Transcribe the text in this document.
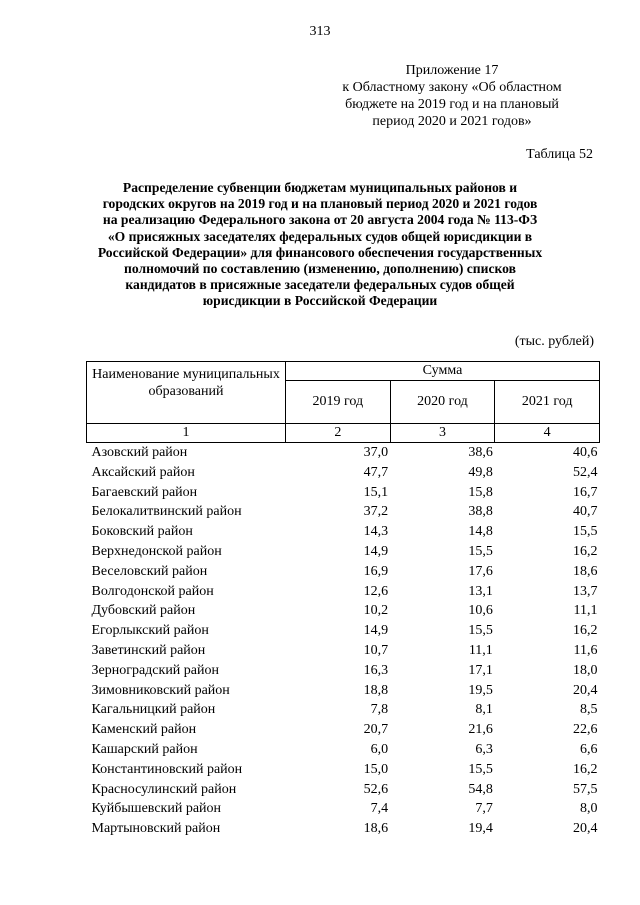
313
Приложение 17
к Областному закону «Об областном
бюджете на 2019 год и на плановый
период 2020 и 2021 годов»
Таблица 52
Распределение субвенции бюджетам муниципальных районов и
городских округов на 2019 год и на плановый период 2020 и 2021 годов
на реализацию Федерального закона от 20 августа 2004 года № 113-ФЗ
«О присяжных заседателях федеральных судов общей юрисдикции в
Российской Федерации» для финансового обеспечения государственных
полномочий по составлению (изменению, дополнению) списков
кандидатов в присяжные заседатели федеральных судов общей
юрисдикции в Российской Федерации
(тыс. рублей)
Наименование муниципальных образований	Сумма		
	2019 год	2020 год	2021 год
1	2	3	4
Азовский район	37,0	38,6	40,6
Аксайский район	47,7	49,8	52,4
Багаевский район	15,1	15,8	16,7
Белокалитвинский район	37,2	38,8	40,7
Боковский район	14,3	14,8	15,5
Верхнедонской район	14,9	15,5	16,2
Веселовский район	16,9	17,6	18,6
Волгодонской район	12,6	13,1	13,7
Дубовский район	10,2	10,6	11,1
Егорлыкский район	14,9	15,5	16,2
Заветинский район	10,7	11,1	11,6
Зерноградский район	16,3	17,1	18,0
Зимовниковский район	18,8	19,5	20,4
Кагальницкий район	7,8	8,1	8,5
Каменский район	20,7	21,6	22,6
Кашарский район	6,0	6,3	6,6
Константиновский район	15,0	15,5	16,2
Красносулинский район	52,6	54,8	57,5
Куйбышевский район	7,4	7,7	8,0
Мартыновский район	18,6	19,4	20,4
